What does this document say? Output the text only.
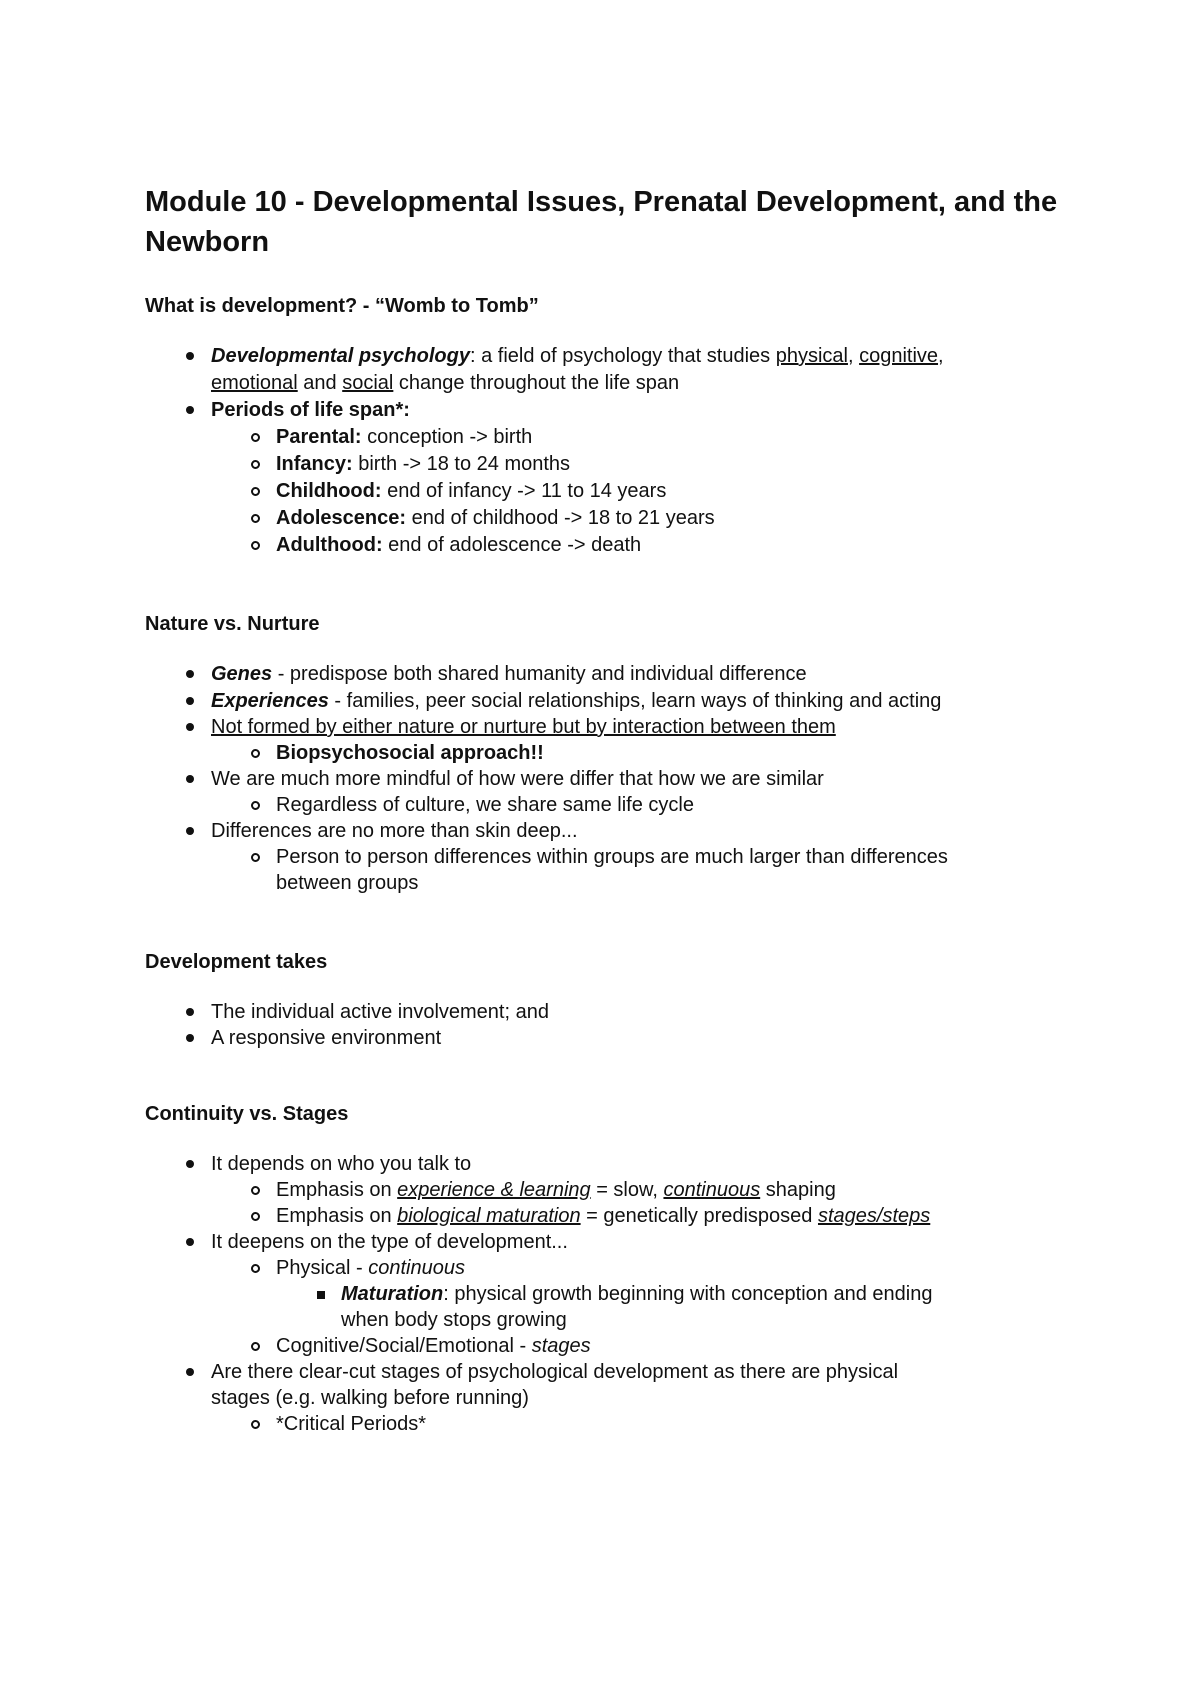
Module 10 - Developmental Issues, Prenatal Development, and the Newborn

What is development? - “Womb to Tomb”

Developmental psychology: a field of psychology that studies physical, cognitive,

emotional and social change throughout the life span

Periods of life span*:

Parental: conception -> birth

Infancy: birth -> 18 to 24 months

Childhood: end of infancy -> 11 to 14 years

Adolescence: end of childhood -> 18 to 21 years

Adulthood: end of adolescence -> death

Nature vs. Nurture

Genes - predispose both shared humanity and individual difference

Experiences - families, peer social relationships, learn ways of thinking and acting

Not formed by either nature or nurture but by interaction between them

Biopsychosocial approach!!

We are much more mindful of how were differ that how we are similar

Regardless of culture, we share same life cycle

Differences are no more than skin deep...

Person to person differences within groups are much larger than differences

between groups

Development takes

The individual active involvement; and

A responsive environment

Continuity vs. Stages

It depends on who you talk to

Emphasis on experience & learning = slow, continuous shaping

Emphasis on biological maturation = genetically predisposed stages/steps

It deepens on the type of development...

Physical - continuous

Maturation: physical growth beginning with conception and ending

when body stops growing

Cognitive/Social/Emotional - stages

Are there clear-cut stages of psychological development as there are physical

stages (e.g. walking before running)

*Critical Periods*
